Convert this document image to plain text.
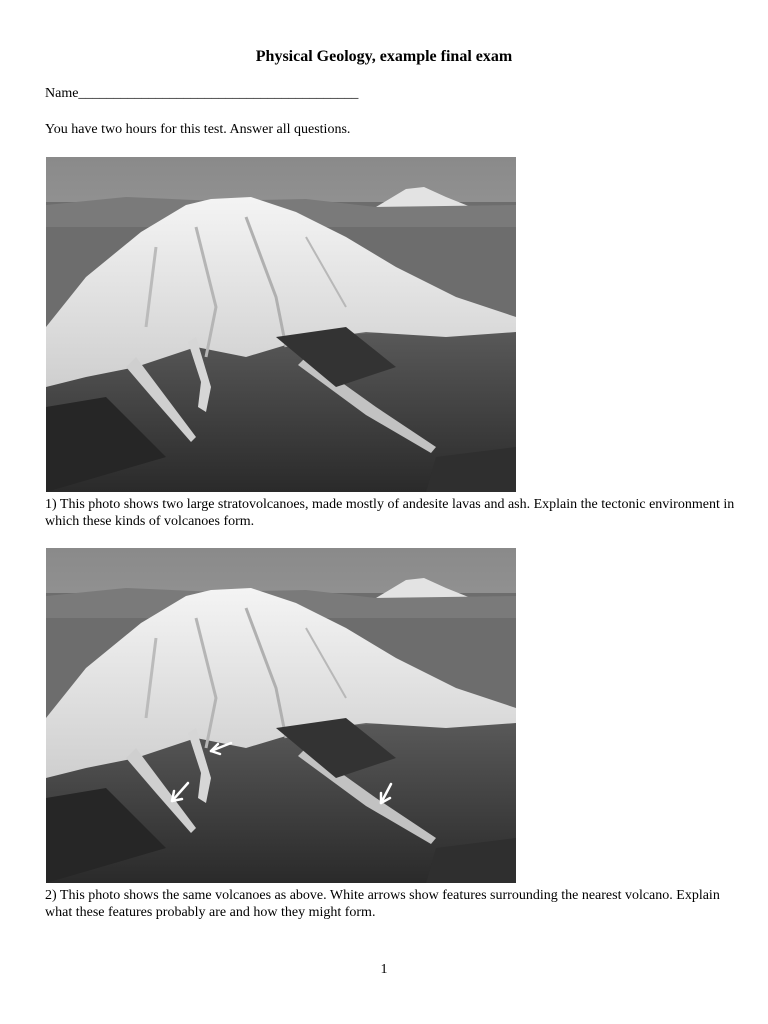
Physical Geology, example final exam
Name________________________________________
You have two hours for this test. Answer all questions.
1) This photo shows two large stratovolcanoes, made mostly of andesite lavas and ash. Explain the tectonic environment in which these kinds of volcanoes form.
2) This photo shows the same volcanoes as above. White arrows show features surrounding the nearest volcano. Explain what these features probably are and how they might form.
1
